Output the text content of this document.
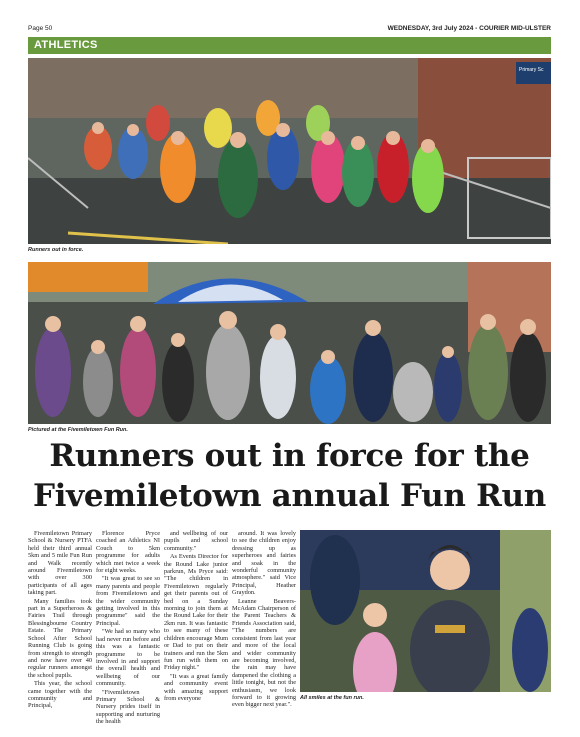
Page 50	WEDNESDAY, 3rd July 2024 - COURIER MID-ULSTER
ATHLETICS
Primary Sc
Runners out in force.
Pictured at the Fivemiletown Fun Run.
Runners out in force for the
Fivemiletown annual Fun Run

Fivemiletown Primary School & Nursery PTFA held their third annual 5km and 5 mile Fun Run and Walk recently around Fivemiletown with over 300 participants of all ages taking part.

Many families took part in a Superheroes & Fairies Trail through Blessingbourne Country Estate. The Primary School After School Running Club is going from strength to strength and now have over 40 regular runners amongst the school pupils.

This year, the school came together with the community and Principal,

Florence Pryce coached an Athletics NI Couch to 5km programme for adults which met twice a week for eight weeks.

"It was great to see so many parents and people from Fivemiletown and the wider community getting involved in this programme" said the Principal.

"We had so many who had never run before and this was a fantastic programme to be involved in and support the overall health and wellbeing of our community.

"Fivemiletown Primary School & Nursery prides itself in supporting and nurturing the health

and wellbeing of our pupils and school community."

As Events Director for the Round Lake junior parkrun, Ms Pryce said: "The children in Fivemiletown regularly get their parents out of bed on a Sunday morning to join them at the Round Lake for their 2km run. It was fantastic to see many of these children encourage Mum or Dad to put on their trainers and run the 5km fun run with them on Friday night."

"It was a great family and community event with amazing support from everyone

around. It was lovely to see the children enjoy dressing up as superheroes and fairies and soak in the wonderful community atmosphere." said Vice Principal, Heather Graydon.

Leanne Beavers-McAdam Chairperson of the Parent Teachers & Friends Association said, "The numbers are consistent from last year and more of the local and wider community are becoming involved, the rain may have dampened the clothing a little tonight, but not the enthusiasm, we look forward to it growing even bigger next year.".

All smiles at the fun run.
